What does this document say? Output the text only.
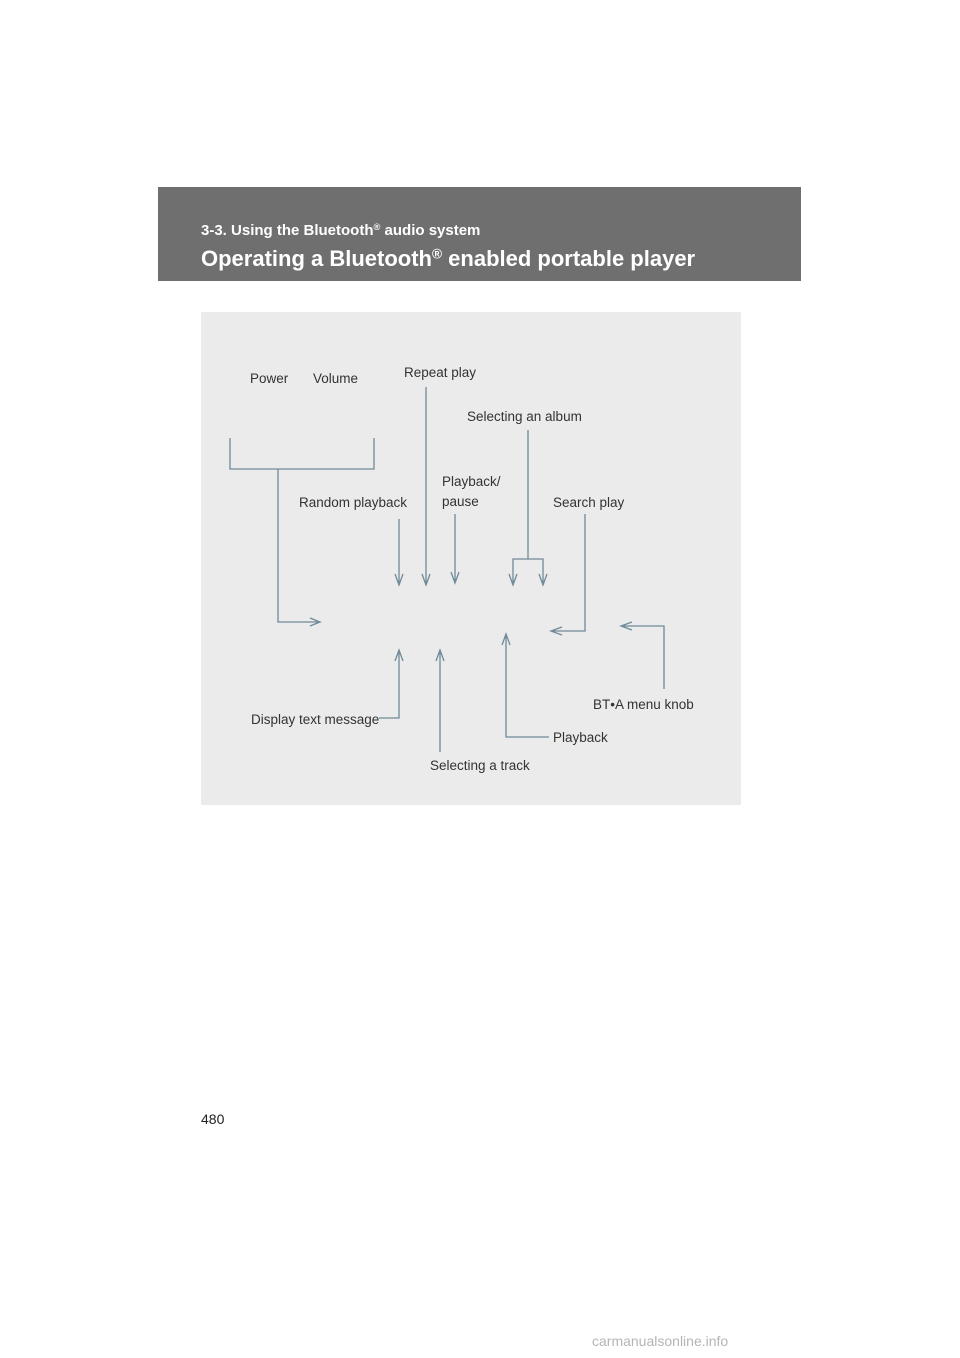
3-3. Using the Bluetooth® audio system
Operating a Bluetooth® enabled portable player
Power Volume	Repeat play
Selecting an album
Random playback
Playback/
pause	Search play
BT•A menu knob
Display text message
Playback
Selecting a track
480
carmanualsonline.info
